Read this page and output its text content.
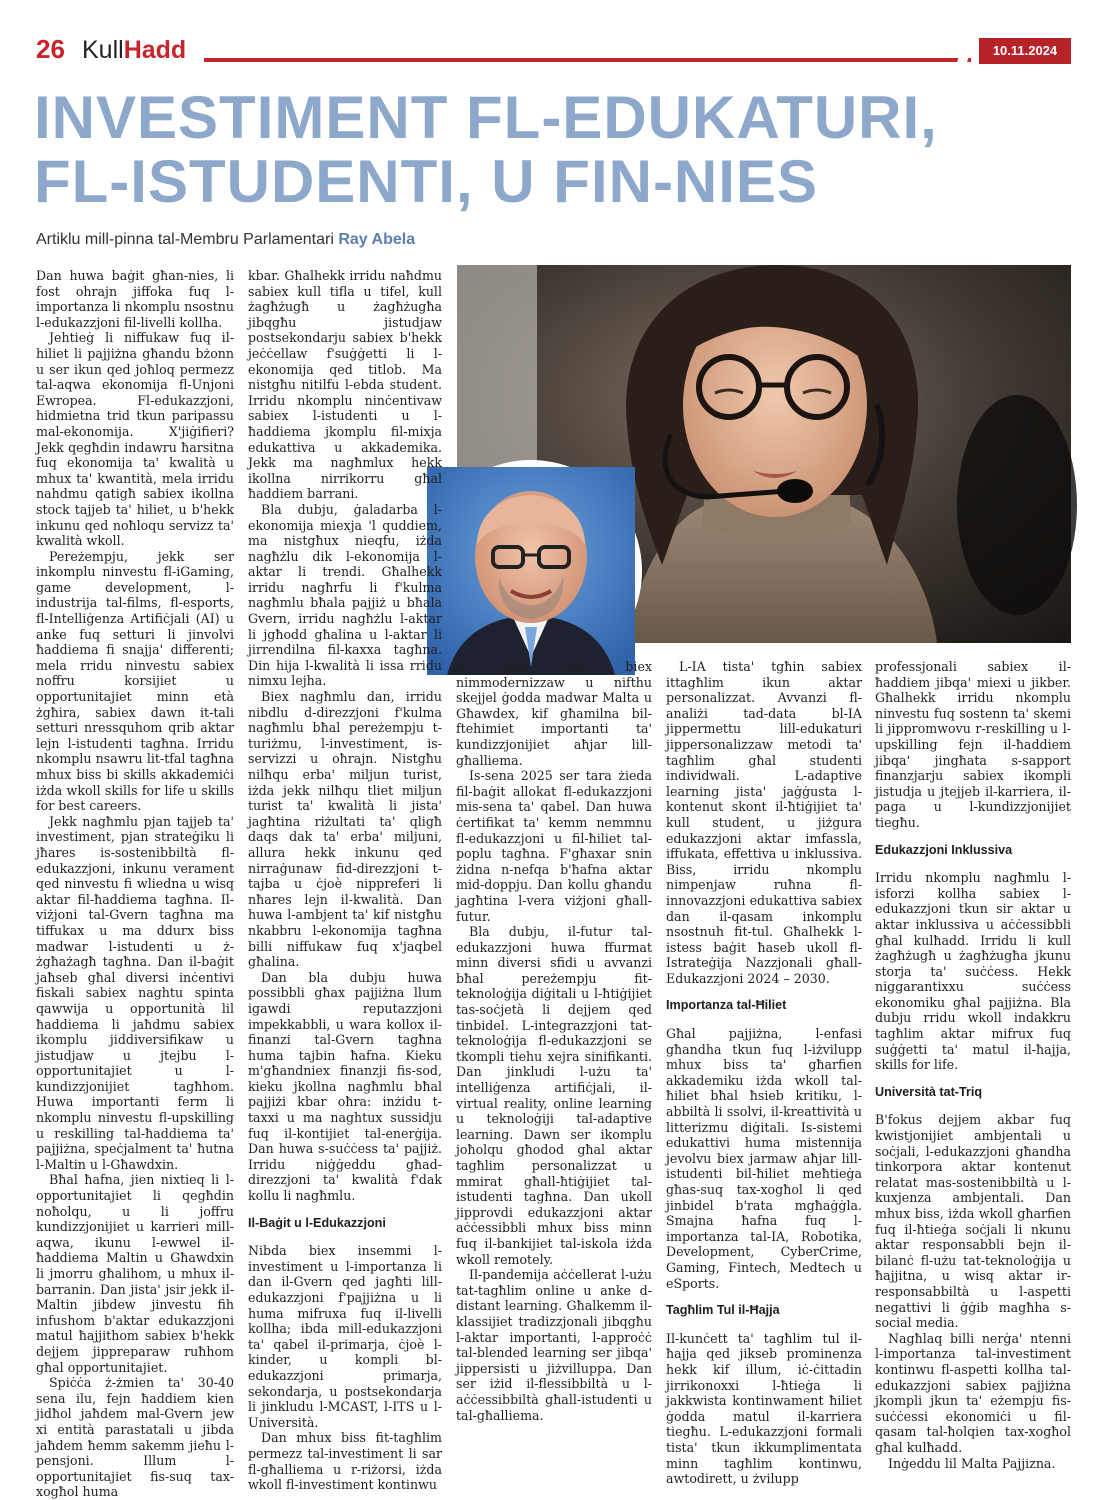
26 KullHadd	10.11.2024
INVESTIMENT FL-EDUKATURI,
FL-ISTUDENTI, U FIN-NIES
Artiklu mill-pinna tal-Membru Parlamentari Ray Abela

Dan huwa baġit għan-nies, li fost ohrajn jiffoka fuq l-importanza li nkomplu nsostnu l-edukazzjoni fil-livelli kollha.

Jehtieġ li niffukaw fuq il-hiliet li pajjiżna għandu bżonn u ser ikun qed joħloq permezz tal-aqwa ekonomija fl-Unjoni Ewropea. Fl-edukazzjoni, hidmietna trid tkun paripassu mal-ekonomija. X'jiġifieri? Jekk qegħdin indawru ħarsitna fuq ekonomija ta' kwalità u mhux ta' kwantità, mela irridu nahdmu qatigħ sabiex ikollna stock tajjeb ta' hiliet, u b'hekk inkunu qed noħloqu servizz ta' kwalità wkoll.

Pereżempju, jekk ser inkomplu ninvestu fl-iGaming, game development, l-industrija tal-films, fl-esports, fl-Intelliġenza Artifiċjali (AI) u anke fuq setturi li jinvolvi ħaddiema fi snajja' differenti; mela rridu ninvestu sabiex noffru korsijiet u opportunitajiet minn età żgħira, sabiex dawn it-tali setturi nressquhom qrib aktar lejn l-istudenti tagħna. Irridu nkomplu nsawru lit-tfal tagħna mhux biss bi skills akkademiċi iżda wkoll skills for life u skills for best careers.

Jekk nagħmlu pjan tajjeb ta' investiment, pjan strateġiku li jħares is-sostenibbiltà fl-edukazzjoni, inkunu verament qed ninvestu fi wliedna u wisq aktar fil-ħaddiema tagħna. Il-viżjoni tal-Gvern tagħna ma tiffukax u ma ddurx biss madwar l-istudenti u ż-żgħażagħ tagħna. Dan il-baġit jaħseb għal diversi inċentivi fiskali sabiex naghtu spinta qawwija u opportunità lil ħaddiema li jaħdmu sabiex ikomplu jiddiversifikaw u jistudjaw u jtejbu l-opportunitajiet u l-kundizzjonijiet tagħhom. Huwa importanti ferm li nkomplu ninvestu fl-upskilling u reskilling tal-ħaddiema ta' pajjiżna, speċjalment ta' ħutna l-Maltin u l-Għawdxin.

Bħal ħafna, jien nixtieq li l-opportunitajiet li qegħdin noħolqu, u li joffru kundizzjonijiet u karrieri mill-aqwa, ikunu l-ewwel il-ħaddiema Maltin u Għawdxin li jmorru għalihom, u mhux il-barranin. Dan jista' jsir jekk il-Maltin jibdew jinvestu fih infushom b'aktar edukazzjoni matul ħajjithom sabiex b'hekk dejjem jippreparaw ruħhom għal opportunitajiet.

Spiċċa ż-żmien ta' 30-40 sena ilu, fejn ħaddiem kien jidħol jaħdem mal-Gvern jew xi entità parastatali u jibda jaħdem ħemm sakemm jieħu l-pensjoni. Illum l-opportunitajiet fis-suq tax-xogħol huma

kbar. Għalhekk irridu naħdmu sabiex kull tifla u tifel, kull żagħżugħ u żagħżugħa jibqgħu jistudjaw postsekondarju sabiex b'hekk jeċċellaw f'suġġetti li l-ekonomija qed titlob. Ma nistgħu nitilfu l-ebda student. Irridu nkomplu ninċentivaw sabiex l-istudenti u l-ħaddiema jkomplu fil-mixja edukattiva u akkademika. Jekk ma nagħmlux hekk ikollna nirrikorru għal ħaddiem barrani.

Bla dubju, ġaladarba l-ekonomija miexja 'l quddiem, ma nistgħux nieqfu, iżda nagħżlu dik l-ekonomija l-aktar li trendi. Għalhekk irridu nagħrfu li f'kulma nagħmlu bħala pajjiż u bħala Gvern, irridu nagħżlu l-aktar li jgħodd għalina u l-aktar li jirrendilna fil-kaxxa tagħna. Din hija l-kwalità li issa rridu nimxu lejha.

Biex nagħmlu dan, irridu nibdlu d-direzzjoni f'kulma nagħmlu bħal pereżempju t-turiżmu, l-investiment, is-servizzi u oħrajn. Nistgħu nilħqu erba' miljun turist, iżda jekk nilħqu tliet miljun turist ta' kwalità li jista' jagħtina riżultati ta' qligħ daqs dak ta' erba' miljuni, allura hekk inkunu qed nirraġunaw fid-direzzjoni t-tajba u ċjoè nippreferi li nħares lejn il-kwalità. Dan huwa l-ambjent ta' kif nistgħu nkabbru l-ekonomija tagħna billi niffukaw fuq x'jaqbel għalina.

Dan bla dubju huwa possibbli għax pajjiżna llum igawdi reputazzjoni impekkabbli, u wara kollox il-finanzi tal-Gvern tagħna huma tajbin ħafna. Kieku m'għandniex finanzji fis-sod, kieku jkollna nagħmlu bħal pajjiżi kbar oħra: inżidu t-taxxi u ma naghtux sussidju fuq il-kontijiet tal-enerġija. Dan huwa s-suċċess ta' pajjiż. Irridu niġġeddu għad-direzzjoni ta' kwalità f'dak kollu li nagħmlu.

Il-Baġit u l-Edukazzjoni

Nibda biex insemmi l-investiment u l-importanza li dan il-Gvern qed jagħti lill-edukazzjoni f'pajjiżna u li huma mifruxa fuq il-livelli kollha; ibda mill-edukazzjoni ta' qabel il-primarja, ċjoè l-kinder, u kompli bl-edukazzjoni primarja, sekondarja, u postsekondarja li jinkludu l-MCAST, l-ITS u l-Università.

Dan mhux biss fit-tagħlim permezz tal-investiment li sar fl-għalliema u r-riżorsi, iżda wkoll fl-investiment kontinwu

li qed isir biex nimmodernizzaw u nifthu skejjel ġodda madwar Malta u Għawdex, kif għamilna bil-ftehimiet importanti ta' kundizzjonijiet aħjar lill-għalliema.

Is-sena 2025 ser tara żieda fil-baġit allokat fl-edukazzjoni mis-sena ta' qabel. Dan huwa ċertifikat ta' kemm nemmnu fl-edukazzjoni u fil-ħiliet tal-poplu tagħna. F'għaxar snin żidna n-nefqa b'ħafna aktar mid-doppju. Dan kollu għandu jagħtina l-vera viżjoni għall-futur.

Bla dubju, il-futur tal-edukazzjoni huwa ffurmat minn diversi sfidi u avvanzi bħal pereżempju fit-teknoloġija diġitali u l-ħtiġijiet tas-soċjetà li dejjem qed tinbidel. L-integrazzjoni tat-teknoloġija fl-edukazzjoni se tkompli tiehu xejra sinifikanti. Dan jinkludi l-użu ta' intelliġenza artifiċjali, il-virtual reality, online learning u teknoloġiji tal-adaptive learning. Dawn ser ikomplu joħolqu għodod għal aktar tagħlim personalizzat u mmirat għall-ħtiġijiet tal-istudenti tagħna. Dan ukoll jipprovdi edukazzjoni aktar aċċessibbli mhux biss minn fuq il-bankijiet tal-iskola iżda wkoll remotely.

Il-pandemija aċċellerat l-użu tat-tagħlim online u anke d-distant learning. Għalkemm il-klassijiet tradizzjonali jibqgħu l-aktar importanti, l-approċċ tal-blended learning ser jibqa' jippersisti u jiżvilluppa. Dan ser iżid il-flessibbiltà u l-aċċessibbiltà għall-istudenti u tal-għalliema.

L-IA tista' tgħin sabiex ittagħlim ikun aktar personalizzat. Avvanzi fl-analiżi tad-data bl-IA jippermettu lill-edukaturi jippersonalizzaw metodi ta' tagħlim għal studenti individwali. L-adaptive learning jista' jaġġusta l-kontenut skont il-ħtiġijiet ta' kull student, u jiżgura edukazzjoni aktar imfassla, iffukata, effettiva u inklussiva. Biss, irridu nkomplu nimpenjaw ruħna fl-innovazzjoni edukattiva sabiex dan il-qasam inkomplu nsostnuh fit-tul. Għalhekk l-istess baġit ħaseb ukoll fl-Istrateġija Nazzjonali għall-Edukazzjoni 2024 – 2030.

Importanza tal-Ħiliet

Għal pajjiżna, l-enfasi għandha tkun fuq l-iżvilupp mhux biss ta' għarfien akkademiku iżda wkoll tal-ħiliet bħal ħsieb kritiku, l-abbiltà li ssolvi, il-kreattività u litterizmu diġitali. Is-sistemi edukattivi huma mistennija jevolvu biex jarmaw aħjar lill-istudenti bil-ħiliet meħtieġa għas-suq tax-xogħol li qed jinbidel b'rata mgħaġġla. Smajna ħafna fuq l-importanza tal-IA, Robotika, Development, CyberCrime, Gaming, Fintech, Medtech u eSports.

Tagħlim Tul il-Ħajja

Il-kunċett ta' tagħlim tul il-ħajja qed jikseb prominenza hekk kif illum, iċ-ċittadin jirrikonoxxi l-ħtieġa li jakkwista kontinwament ħiliet ġodda matul il-karriera tiegħu. L-edukazzjoni formali tista' tkun ikkumplimentata minn tagħlim kontinwu, awtodirett, u żvilupp

professjonali sabiex il-ħaddiem jibqa' miexi u jikber. Għalhekk irridu nkomplu ninvestu fuq sostenn ta' skemi li jippromwovu r-reskilling u l-upskilling fejn il-ħaddiem jibqa' jingħata s-sapport finanzjarju sabiex ikompli jistudja u jtejjeb il-karriera, il-paga u l-kundizzjonijiet tiegħu.

Edukazzjoni Inklussiva

Irridu nkomplu nagħmlu l-isforzi kollha sabiex l-edukazzjoni tkun sir aktar u aktar inklussiva u aċċessibbli għal kulħadd. Irridu li kull żagħżugħ u żagħżugħa jkunu storja ta' suċċess. Hekk niggarantixxu suċċess ekonomiku għal pajjiżna. Bla dubju rridu wkoll indakkru tagħlim aktar mifrux fuq suġġetti ta' matul il-ħajja, skills for life.

Università tat-Triq

B'fokus dejjem akbar fuq kwistjonijiet ambjentali u soċjali, l-edukazzjoni għandha tinkorpora aktar kontenut relatat mas-sostenibbiltà u l-kuxjenza ambjentali. Dan mhux biss, iżda wkoll għarfien fuq il-ħtieġa soċjali li nkunu aktar responsabbli bejn il-bilanċ fl-użu tat-teknoloġija u ħajjitna, u wisq aktar ir-responsabbiltà u l-aspetti negattivi li ġġib magħha s-social media.

Nagħlaq billi nerġa' ntenni l-importanza tal-investiment kontinwu fl-aspetti kollha tal-edukazzjoni sabiex pajjiżna jkompli jkun ta' eżempju fis-suċċessi ekonomiċi u fil-qasam tal-ħolqien tax-xogħol għal kulħadd.

Inġeddu lil Malta Pajjizna.
